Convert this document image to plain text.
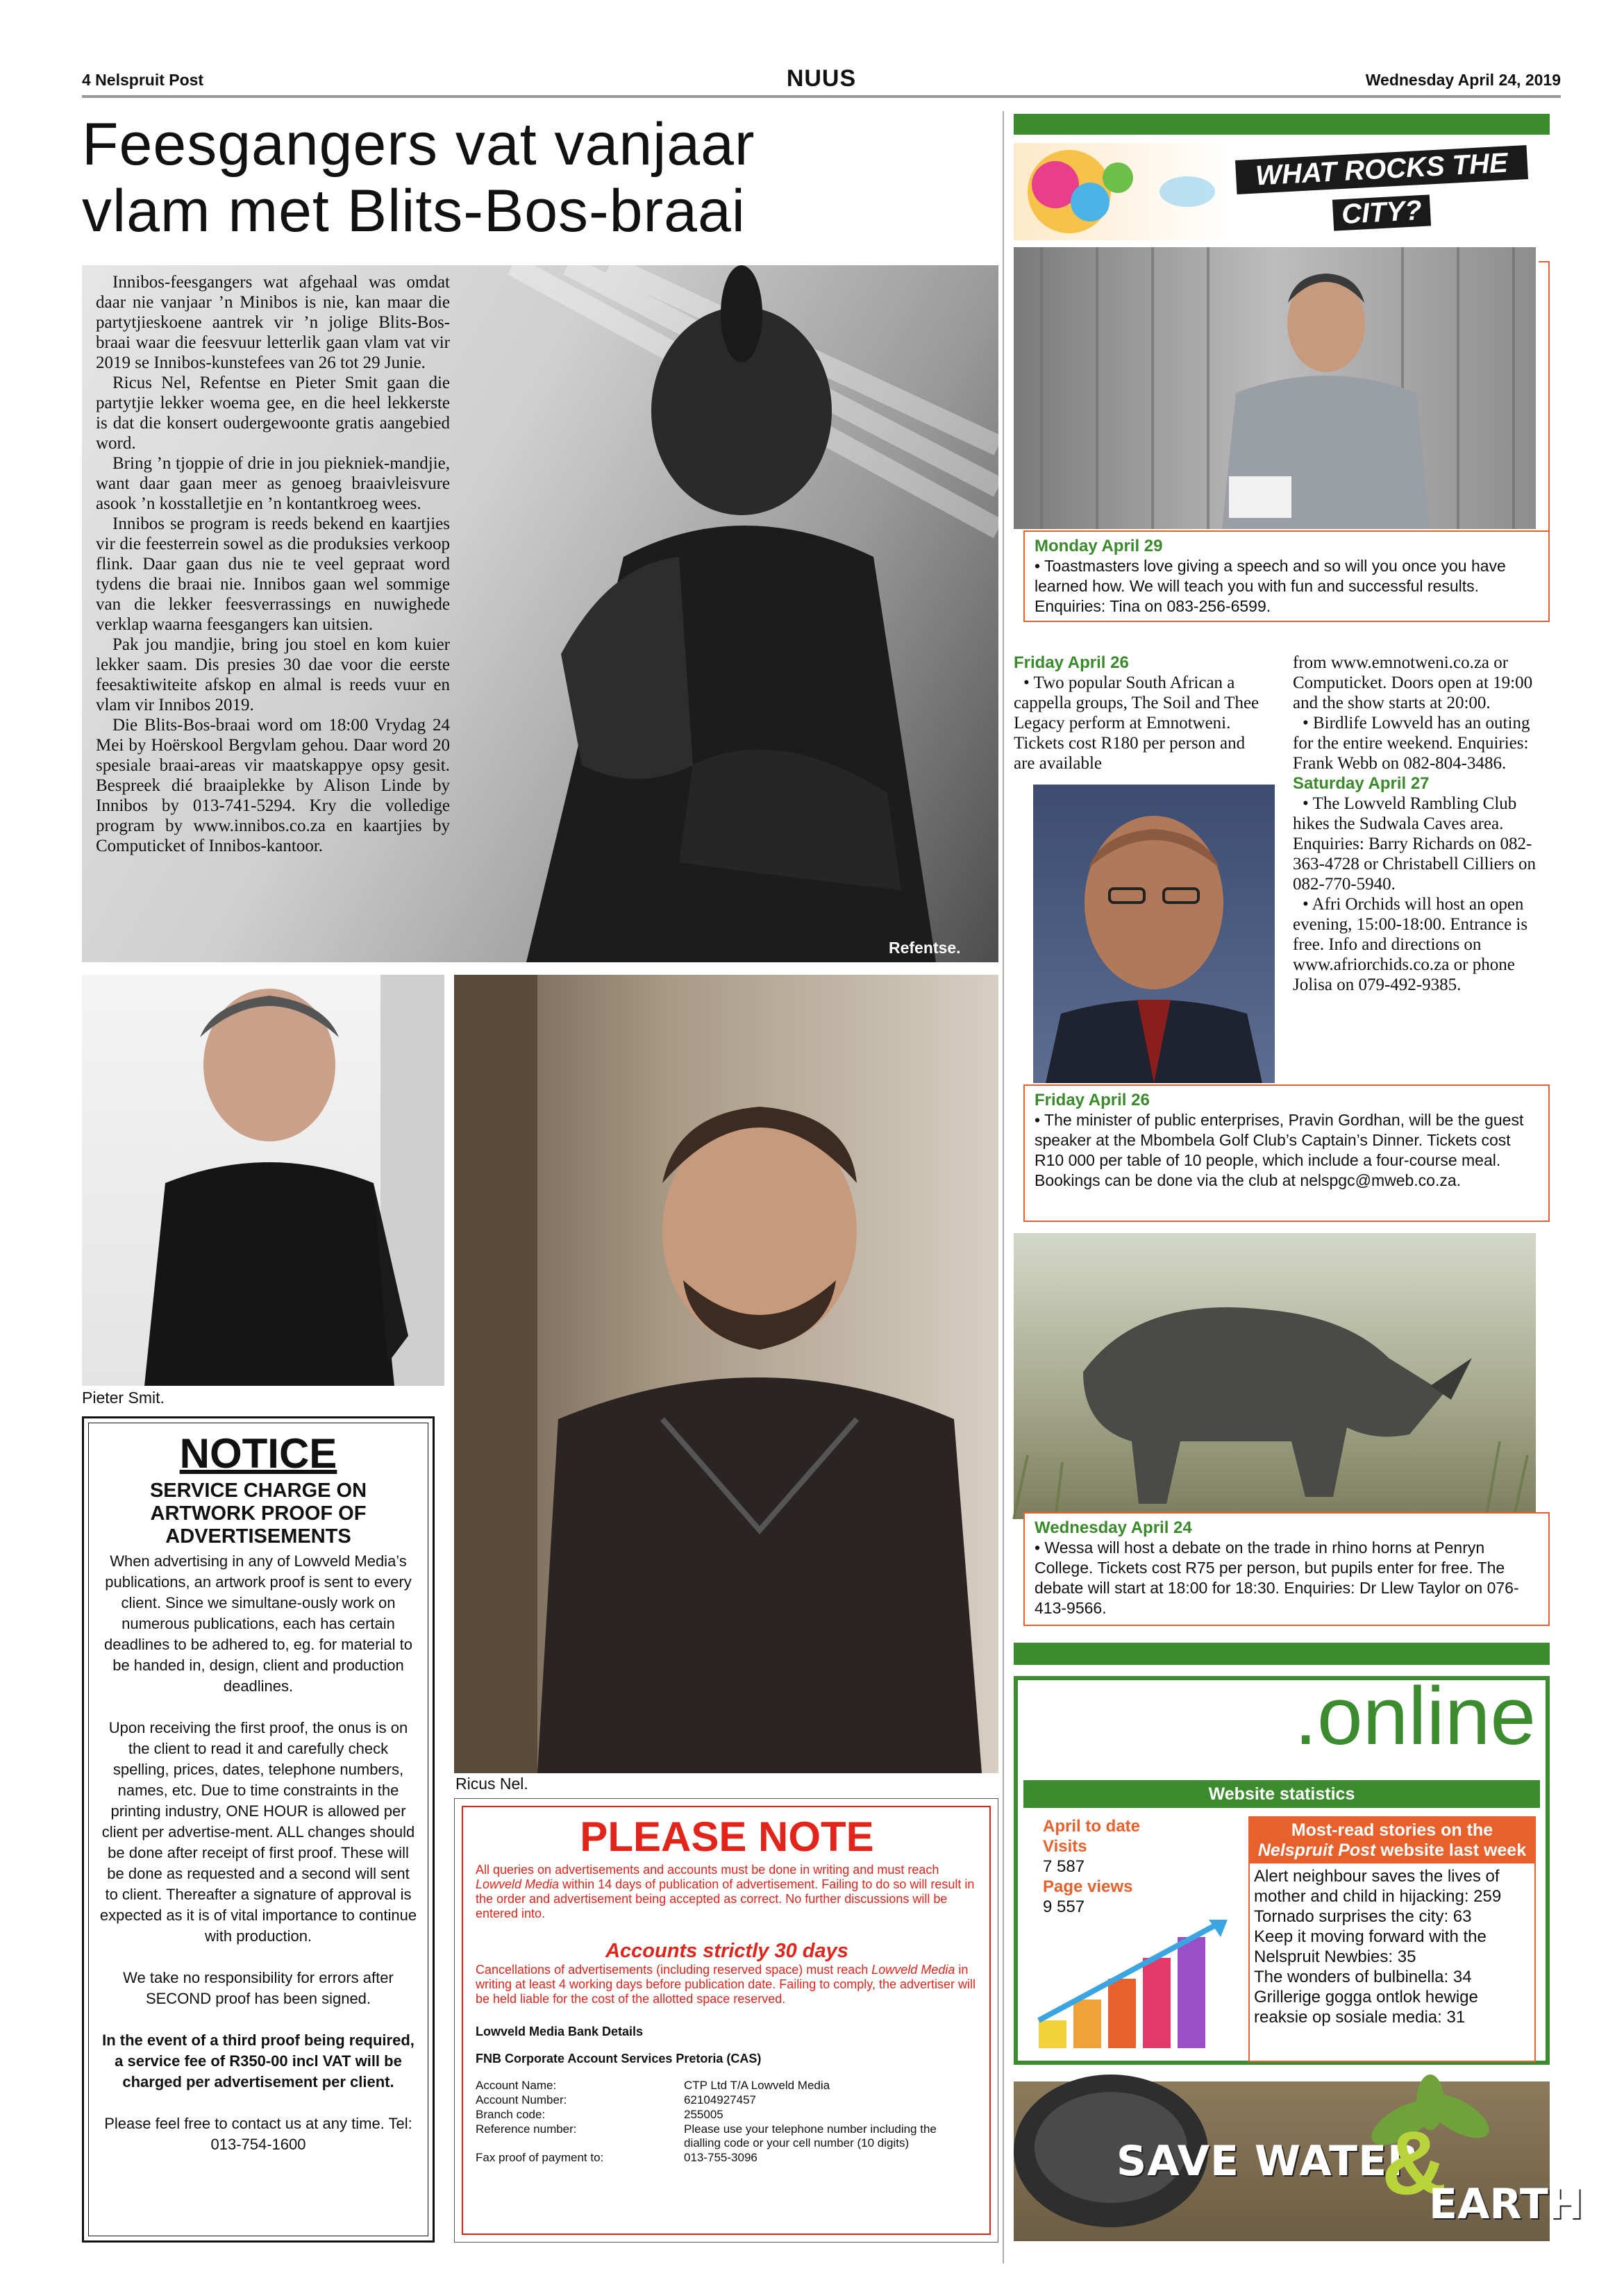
4 Nelspruit Post	NUUS	Wednesday April 24, 2019
Feesgangers vat vanjaar
vlam met Blits-Bos-braai
Refentse.

Innibos-feesgangers wat afgehaal was omdat daar nie vanjaar ’n Minibos is nie, kan maar die partytjieskoene aantrek vir ’n jolige Blits-Bos-braai waar die feesvuur letterlik gaan vlam vat vir 2019 se Innibos-kunstefees van 26 tot 29 Junie.

Ricus Nel, Refentse en Pieter Smit gaan die partytjie lekker woema gee, en die heel lekkerste is dat die konsert oudergewoonte gratis aangebied word.

Bring ’n tjoppie of drie in jou piekniek-mandjie, want daar gaan meer as genoeg braaivleisvure asook ’n kosstalletjie en ’n kontantkroeg wees.

Innibos se program is reeds bekend en kaartjies vir die feesterrein sowel as die produksies verkoop flink. Daar gaan dus nie te veel gepraat word tydens die braai nie. Innibos gaan wel sommige van die lekker feesverrassings en nuwighede verklap waarna feesgangers kan uitsien.

Pak jou mandjie, bring jou stoel en kom kuier lekker saam. Dis presies 30 dae voor die eerste feesaktiwiteite afskop en almal is reeds vuur en vlam vir Innibos 2019.

Die Blits-Bos-braai word om 18:00 Vrydag 24 Mei by Hoërskool Bergvlam gehou. Daar word 20 spesiale braai-areas vir maatskappye opsy gesit. Bespreek dié braaiplekke by Alison Linde by Innibos by 013-741-5294. Kry die volledige program by www.innibos.co.za en kaartjies by Computicket of Innibos-kantoor.

Pieter Smit.
Ricus Nel.
NOTICE
SERVICE CHARGE ON ARTWORK PROOF OF ADVERTISEMENTS

When advertising in any of Lowveld Media’s publications, an artwork proof is sent to every client. Since we simultane-ously work on numerous publications, each has certain deadlines to be adhered to, eg. for material to be handed in, design, client and production deadlines.

Upon receiving the first proof, the onus is on the client to read it and carefully check spelling, prices, dates, telephone numbers, names, etc. Due to time constraints in the printing industry, ONE HOUR is allowed per client per advertise-ment. ALL changes should be done after receipt of first proof. These will be done as requested and a second will sent to client. Thereafter a signature of approval is expected as it is of vital importance to continue with production.

We take no responsibility for errors after SECOND proof has been signed.

In the event of a third proof being required, a service fee of R350-00 incl VAT will be charged per advertisement per client.

Please feel free to contact us at any time. Tel: 013-754-1600

PLEASE NOTE
All queries on advertisements and accounts must be done in writing and must reach Lowveld Media within 14 days of publication of advertisement. Failing to do so will result in the order and advertisement being accepted as correct. No further discussions will be entered into.
Accounts strictly 30 days
Cancellations of advertisements (including reserved space) must reach Lowveld Media in writing at least 4 working days before publication date. Failing to comply, the advertiser will be held liable for the cost of the allotted space reserved.
Lowveld Media Bank Details
FNB Corporate Account Services Pretoria (CAS)
Account Name:	CTP Ltd T/A Lowveld Media
Account Number:	62104927457
Branch code:	255005
Reference number:	Please use your telephone number including the dialling code or your cell number (10 digits)
Fax proof of payment to:	013-755-3096
WHAT ROCKS THE
CITY?
Monday April 29
• Toastmasters love giving a speech and so will you once you have learned how. We will teach you with fun and successful results. Enquiries: Tina on 083-256-6599.
Friday April 26
• Two popular South African a cappella groups, The Soil and Thee Legacy perform at Emnotweni. Tickets cost R180 per person and are available
from www.emnotweni.co.za or Computicket. Doors open at 19:00 and the show starts at 20:00.
• Birdlife Lowveld has an outing for the entire weekend. Enquiries: Frank Webb on 082-804-3486.
Saturday April 27
• The Lowveld Rambling Club hikes the Sudwala Caves area. Enquiries: Barry Richards on 082-363-4728 or Christabell Cilliers on 082-770-5940.
• Afri Orchids will host an open evening, 15:00-18:00. Entrance is free. Info and directions on www.afriorchids.co.za or phone Jolisa on 079-492-9385.
Friday April 26
• The minister of public enterprises, Pravin Gordhan, will be the guest speaker at the Mbombela Golf Club’s Captain’s Dinner. Tickets cost R10 000 per table of 10 people, which include a four-course meal. Bookings can be done via the club at nelspgc@mweb.co.za.
Wednesday April 24
• Wessa will host a debate on the trade in rhino horns at Penryn College. Tickets cost R75 per person, but pupils enter for free. The debate will start at 18:00 for 18:30. Enquiries: Dr Llew Taylor on 076-413-9566.
.online
Website statistics
April to date
Visits
7 587
Page views
9 557
Most-read stories on the Nelspruit Post website last week
Alert neighbour saves the lives of mother and child in hijacking: 259
Tornado surprises the city: 63
Keep it moving forward with the Nelspruit Newbies: 35
The wonders of bulbinella: 34
Grillerige gogga ontlok hewige reaksie op sosiale media: 31
SAVE WATER
&
EARTH
